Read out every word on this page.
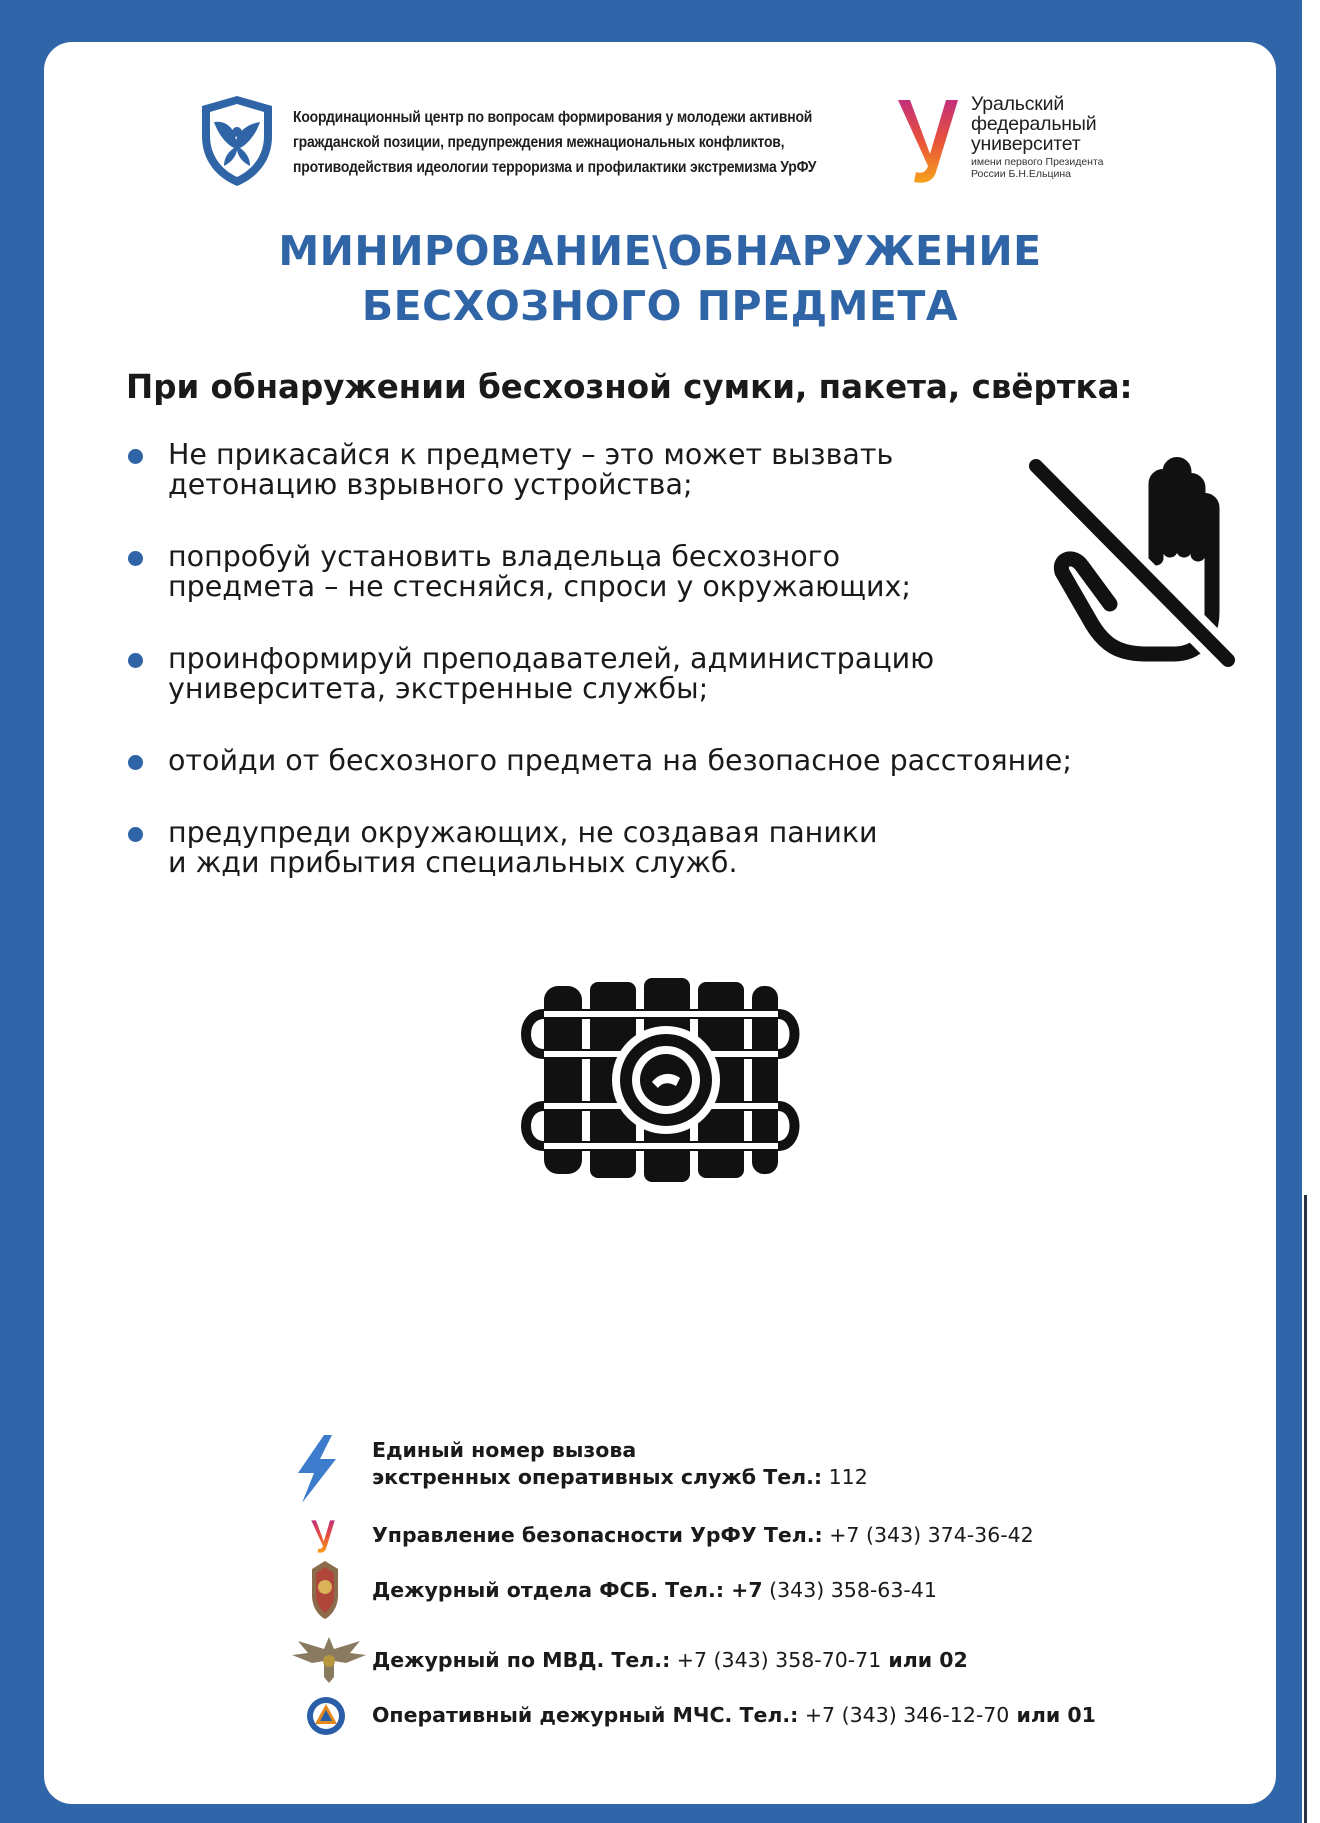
Координационный центр по вопросам формирования у молодежи активной гражданской позиции, предупреждения межнациональных конфликтов, противодействия идеологии терроризма и профилактики экстремизма УрФУ
Уральский
федеральный
университет
имени первого Президента
России Б.Н.Ельцина
МИНИРОВАНИЕ\ОБНАРУЖЕНИЕ
БЕСХОЗНОГО ПРЕДМЕТА
При обнаружении бесхозной сумки, пакета, свёртка:
Не прикасайся к предмету – это может вызвать
детонацию взрывного устройства;
попробуй установить владельца бесхозного
предмета – не стесняйся, спроси у окружающих;
проинформируй преподавателей, администрацию
университета, экстренные службы;
отойди от бесхозного предмета на безопасное расстояние;
предупреди окружающих, не создавая паники
и жди прибытия специальных служб.
Единый номер вызова
экстренных оперативных служб Тел.: 112
Управление безопасности УрФУ Тел.: +7 (343) 374-36-42
Дежурный отдела ФСБ. Тел.: +7 (343) 358-63-41
Дежурный по МВД. Тел.: +7 (343) 358-70-71 или 02
Оперативный дежурный МЧС. Тел.: +7 (343) 346-12-70 или 01
